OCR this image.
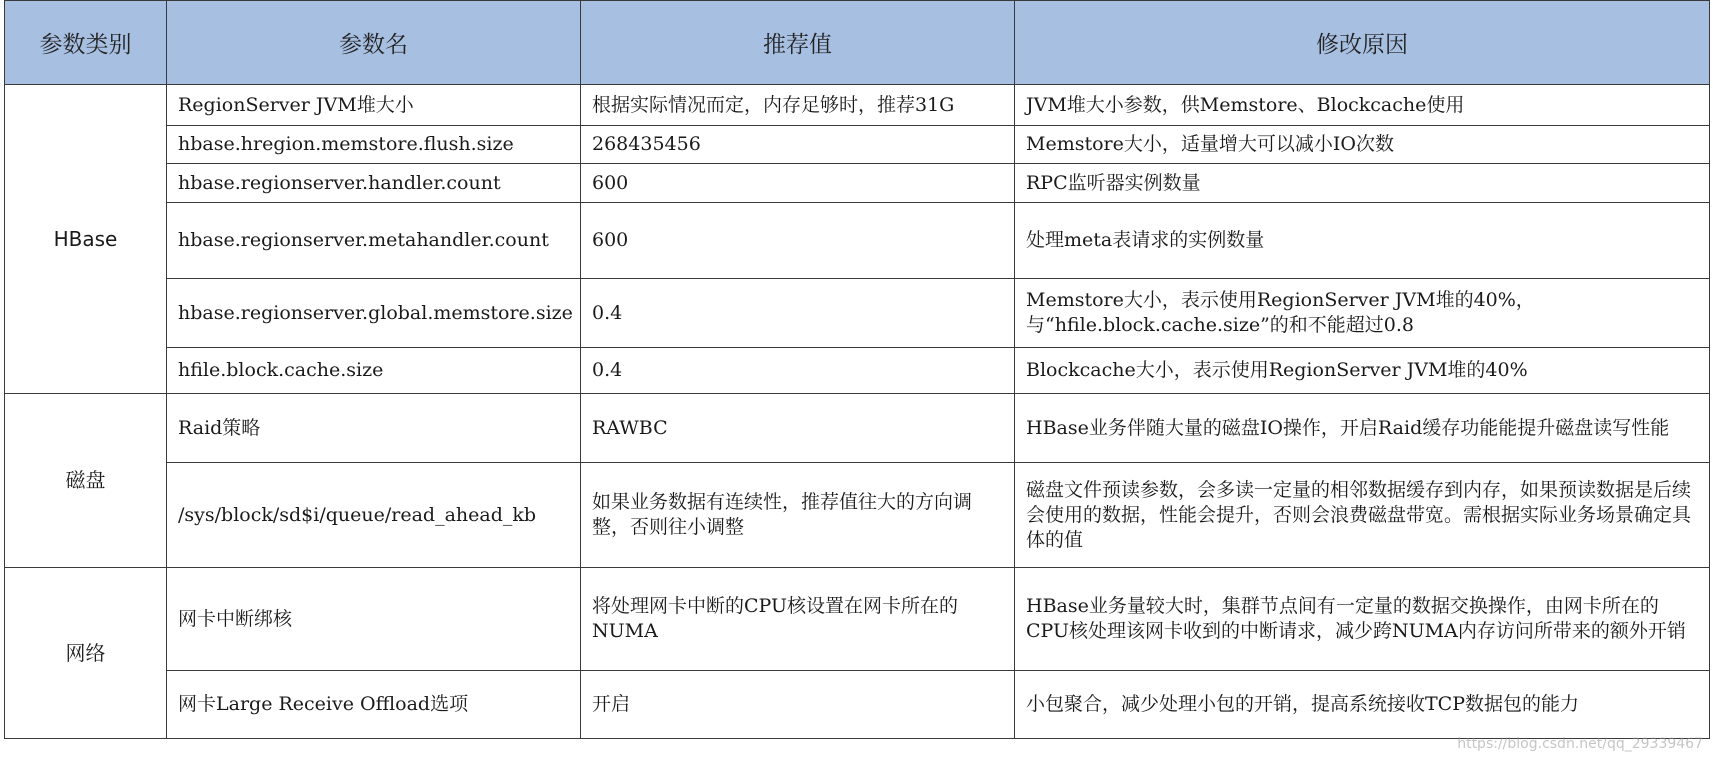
参数类别	参数名	推荐值	修改原因
HBase	RegionServer JVM堆大小	根据实际情况而定，内存足够时，推荐31G	JVM堆大小参数，供Memstore、Blockcache使用
	hbase.hregion.memstore.flush.size	268435456	Memstore大小，适量增大可以减小IO次数
	hbase.regionserver.handler.count	600	RPC监听器实例数量
	hbase.regionserver.metahandler.count	600	处理meta表请求的实例数量
	hbase.regionserver.global.memstore.size	0.4	Memstore大小，表示使用RegionServer JVM堆的40%，与“hfile.block.cache.size”的和不能超过0.8
	hfile.block.cache.size	0.4	Blockcache大小，表示使用RegionServer JVM堆的40%
磁盘	Raid策略	RAWBC	HBase业务伴随大量的磁盘IO操作，开启Raid缓存功能能提升磁盘读写性能
	/sys/block/sd$i/queue/read_ahead_kb	如果业务数据有连续性，推荐值往大的方向调整，否则往小调整	磁盘文件预读参数，会多读一定量的相邻数据缓存到内存，如果预读数据是后续会使用的数据，性能会提升，否则会浪费磁盘带宽。需根据实际业务场景确定具体的值
网络	网卡中断绑核	将处理网卡中断的CPU核设置在网卡所在的NUMA	HBase业务量较大时，集群节点间有一定量的数据交换操作，由网卡所在的CPU核处理该网卡收到的中断请求，减少跨NUMA内存访问所带来的额外开销
	网卡Large Receive Offload选项	开启	小包聚合，减少处理小包的开销，提高系统接收TCP数据包的能力
https://blog.csdn.net/qq_29339467
